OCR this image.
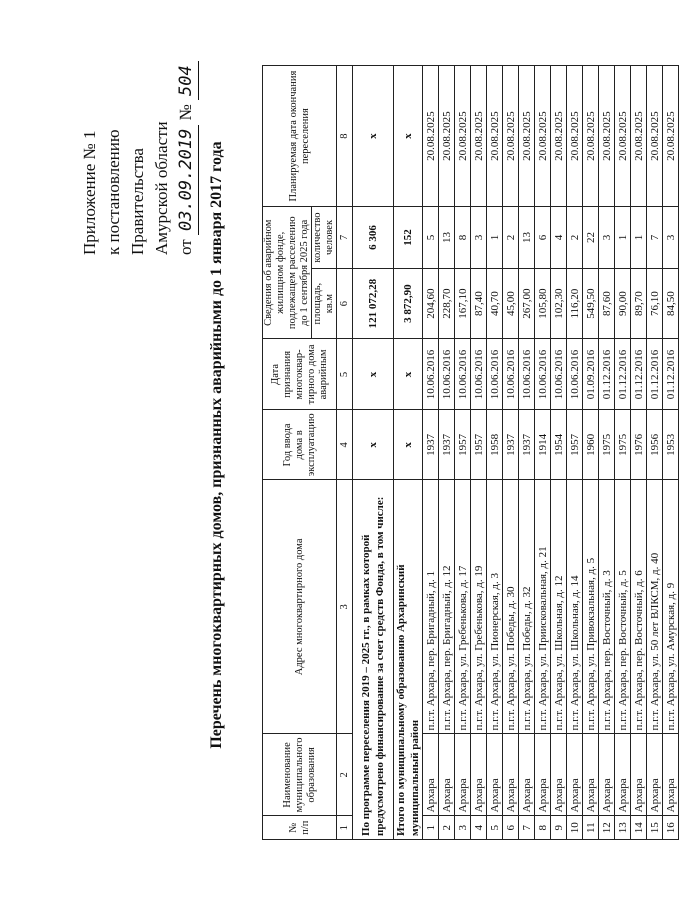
Приложение № 1 к постановлению Правительства Амурской области от 03.09.2019 № 504
Перечень многоквартирных домов, признанных аварийными до 1 января 2017 года
№ п/п	Наименование муниципального образования	Адрес многоквартирного дома	Год ввода дома в эксплуатацию	Дата признания многоквар-тирного дома аварийным	Сведения об аварийном жилищном фонде, подлежащем расселению до 1 сентября 2025 года		Планируемая дата окончания переселения
					площадь, кв.м	количество человек	
1	2	3	4	5	6	7	8
По программе переселения 2019 – 2025 гг., в рамках которой предусмотрено финансирование за счет средств Фонда, в том числе:			x	x	121 072,28	6 306	x
Итого по муниципальному образованию Архаринский муниципальный район			x	x	3 872,90	152	x
1	Архара	п.г.т. Архара, пер. Бригадный, д. 1	1937	10.06.2016	204,60	5	20.08.2025
2	Архара	п.г.т. Архара, пер. Бригадный, д. 12	1937	10.06.2016	228,70	13	20.08.2025
3	Архара	п.г.т. Архара, ул. Гребенькова, д. 17	1957	10.06.2016	167,10	8	20.08.2025
4	Архара	п.г.т. Архара, ул. Гребенькова, д. 19	1957	10.06.2016	87,40	3	20.08.2025
5	Архара	п.г.т. Архара, ул. Пионерская, д. 3	1958	10.06.2016	40,70	1	20.08.2025
6	Архара	п.г.т. Архара, ул. Победы, д. 30	1937	10.06.2016	45,00	2	20.08.2025
7	Архара	п.г.т. Архара, ул. Победы, д. 32	1937	10.06.2016	267,00	13	20.08.2025
8	Архара	п.г.т. Архара, ул. Приисковальная, д. 21	1914	10.06.2016	105,80	6	20.08.2025
9	Архара	п.г.т. Архара, ул. Школьная, д. 12	1954	10.06.2016	102,30	4	20.08.2025
10	Архара	п.г.т. Архара, ул. Школьная, д. 14	1957	10.06.2016	116,20	2	20.08.2025
11	Архара	п.г.т. Архара, ул. Привокзальная, д. 5	1960	01.09.2016	549,50	22	20.08.2025
12	Архара	п.г.т. Архара, пер. Восточный, д. 3	1975	01.12.2016	87,60	3	20.08.2025
13	Архара	п.г.т. Архара, пер. Восточный, д. 5	1975	01.12.2016	90,00	1	20.08.2025
14	Архара	п.г.т. Архара, пер. Восточный, д. 6	1976	01.12.2016	89,70	1	20.08.2025
15	Архара	п.г.т. Архара, ул. 50 лет ВЛКСМ, д. 40	1956	01.12.2016	76,10	7	20.08.2025
16	Архара	п.г.т. Архара, ул. Амурская, д. 9	1953	01.12.2016	84,50	3	20.08.2025
